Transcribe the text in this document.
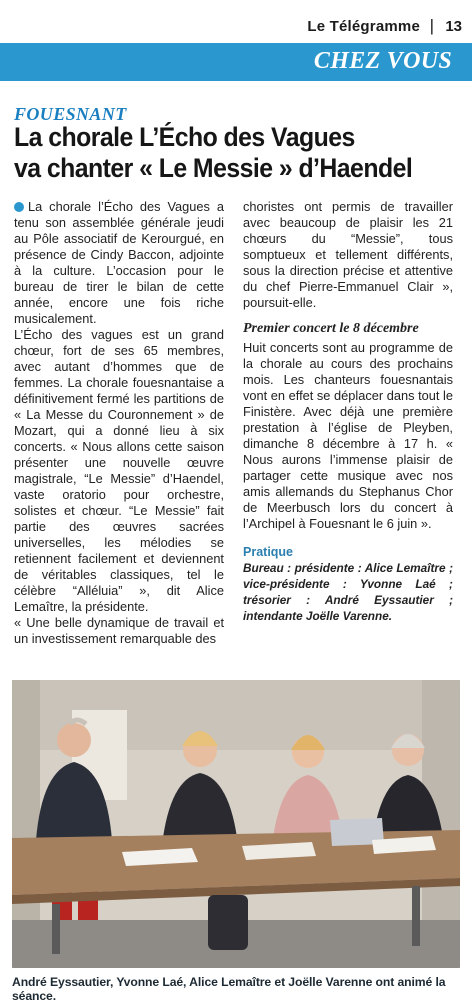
Le Télégramme | 13
CHEZ VOUS
FOUESNANT
La chorale L’Écho des Vagues
va chanter « Le Messie » d’Haendel

La chorale l’Écho des Vagues a tenu son assemblée générale jeudi au Pôle associatif de Kerourgué, en présence de Cindy Baccon, adjointe à la culture. L’occasion pour le bureau de tirer le bilan de cette année, encore une fois riche musicalement.

L’Écho des vagues est un grand chœur, fort de ses 65 membres, avec autant d’hommes que de femmes. La chorale fouesnantaise a définitivement fermé les partitions de « La Messe du Couronnement » de Mozart, qui a donné lieu à six concerts. « Nous allons cette saison présenter une nouvelle œuvre magistrale, “Le Messie” d’Haendel, vaste oratorio pour orchestre, solistes et chœur. “Le Messie” fait partie des œuvres sacrées universelles, les mélodies se retiennent facilement et deviennent de véritables classiques, tel le célèbre “Alléluia” », dit Alice Lemaître, la présidente.

« Une belle dynamique de travail et un investissement remarquable des

choristes ont permis de travailler avec beaucoup de plaisir les 21 chœurs du “Messie”, tous somptueux et tellement différents, sous la direction précise et attentive du chef Pierre-Emmanuel Clair », poursuit-elle.

Premier concert le 8 décembre

Huit concerts sont au programme de la chorale au cours des prochains mois. Les chanteurs fouesnantais vont en effet se déplacer dans tout le Finistère. Avec déjà une première prestation à l’église de Pleyben, dimanche 8 décembre à 17 h. « Nous aurons l’immense plaisir de partager cette musique avec nos amis allemands du Stephanus Chor de Meerbusch lors du concert à l’Archipel à Fouesnant le 6 juin ».

Pratique

Bureau : présidente : Alice Lemaître ; vice-présidente : Yvonne Laé ; trésorier : André Eyssautier ; intendante Joëlle Varenne.

André Eyssautier, Yvonne Laé, Alice Lemaître et Joëlle Varenne ont animé la séance.
